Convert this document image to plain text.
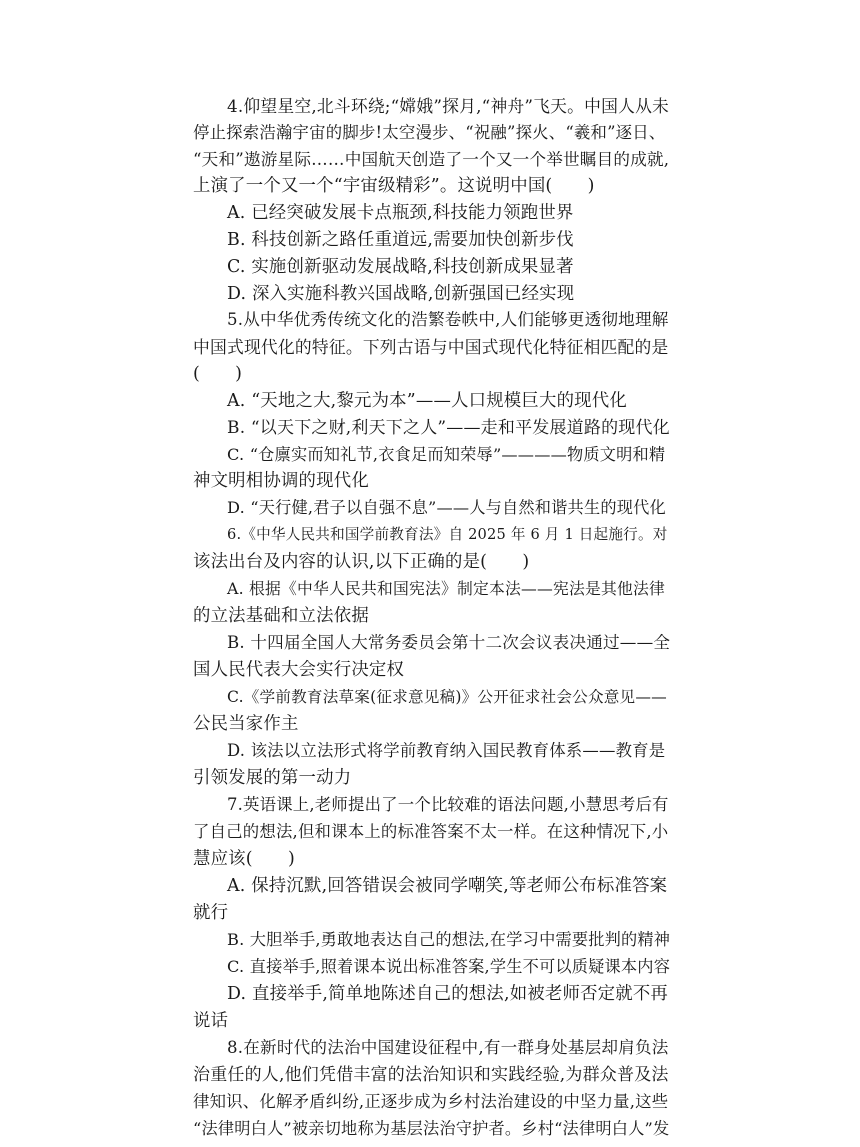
4.仰望星空,北斗环绕;“嫦娥”探月,“神舟”飞天。中国人从未
停止探索浩瀚宇宙的脚步!太空漫步、“祝融”探火、“羲和”逐日、
“天和”遨游星际……中国航天创造了一个又一个举世瞩目的成就,
上演了一个又一个“宇宙级精彩”。这说明中国(　　)
A. 已经突破发展卡点瓶颈,科技能力领跑世界
B. 科技创新之路任重道远,需要加快创新步伐
C. 实施创新驱动发展战略,科技创新成果显著
D. 深入实施科教兴国战略,创新强国已经实现
5.从中华优秀传统文化的浩繁卷帙中,人们能够更透彻地理解
中国式现代化的特征。下列古语与中国式现代化特征相匹配的是
(　　)
A. “天地之大,黎元为本”——人口规模巨大的现代化
B. “以天下之财,利天下之人”——走和平发展道路的现代化
C. “仓廪实而知礼节,衣食足而知荣辱”————物质文明和精
神文明相协调的现代化
D. “天行健,君子以自强不息”——人与自然和谐共生的现代化
6.《中华人民共和国学前教育法》自 2025 年 6 月 1 日起施行。对
该法出台及内容的认识,以下正确的是(　　)
A. 根据《中华人民共和国宪法》制定本法——宪法是其他法律
的立法基础和立法依据
B. 十四届全国人大常务委员会第十二次会议表决通过——全
国人民代表大会实行决定权
C.《学前教育法草案(征求意见稿)》公开征求社会公众意见——
公民当家作主
D. 该法以立法形式将学前教育纳入国民教育体系——教育是
引领发展的第一动力
7.英语课上,老师提出了一个比较难的语法问题,小慧思考后有
了自己的想法,但和课本上的标准答案不太一样。在这种情况下,小
慧应该(　　)
A. 保持沉默,回答错误会被同学嘲笑,等老师公布标准答案
就行
B. 大胆举手,勇敢地表达自己的想法,在学习中需要批判的精神
C. 直接举手,照着课本说出标准答案,学生不可以质疑课本内容
D. 直接举手,简单地陈述自己的想法,如被老师否定就不再
说话
8.在新时代的法治中国建设征程中,有一群身处基层却肩负法
治重任的人,他们凭借丰富的法治知识和实践经验,为群众普及法
律知识、化解矛盾纠纷,正逐步成为乡村法治建设的中坚力量,这些
“法律明白人”被亲切地称为基层法治守护者。乡村“法律明白人”发
